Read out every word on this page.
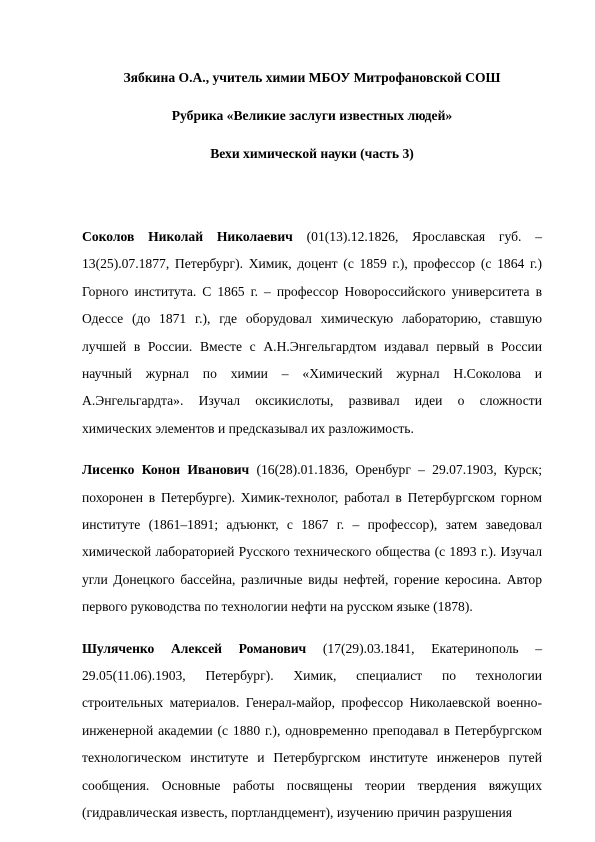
Зябкина О.А., учитель химии МБОУ Митрофановской СОШ

Рубрика «Великие заслуги известных людей»

Вехи химической науки (часть 3)

Соколов Николай Николаевич (01(13).12.1826, Ярославская губ. – 13(25).07.1877, Петербург). Химик, доцент (с 1859 г.), профессор (с 1864 г.) Горного института. С 1865 г. – профессор Новороссийского университета в Одессе (до 1871 г.), где оборудовал химическую лабораторию, ставшую лучшей в России. Вместе с А.Н.Энгельгардтом издавал первый в России научный журнал по химии – «Химический журнал Н.Соколова и А.Энгельгардта». Изучал оксикислоты, развивал идеи о сложности химических элементов и предсказывал их разложимость.

Лисенко Конон Иванович (16(28).01.1836, Оренбург – 29.07.1903, Курск; похоронен в Петербурге). Химик-технолог, работал в Петербургском горном институте (1861–1891; адъюнкт, с 1867 г. – профессор), затем заведовал химической лабораторией Русского технического общества (с 1893 г.). Изучал угли Донецкого бассейна, различные виды нефтей, горение керосина. Автор первого руководства по технологии нефти на русском языке (1878).

Шуляченко Алексей Романович (17(29).03.1841, Екатеринополь – 29.05(11.06).1903, Петербург). Химик, специалист по технологии строительных материалов. Генерал-майор, профессор Николаевской военно-инженерной академии (с 1880 г.), одновременно преподавал в Петербургском технологическом институте и Петербургском институте инженеров путей сообщения. Основные работы посвящены теории твердения вяжущих (гидравлическая известь, портландцемент), изучению причин разрушения
